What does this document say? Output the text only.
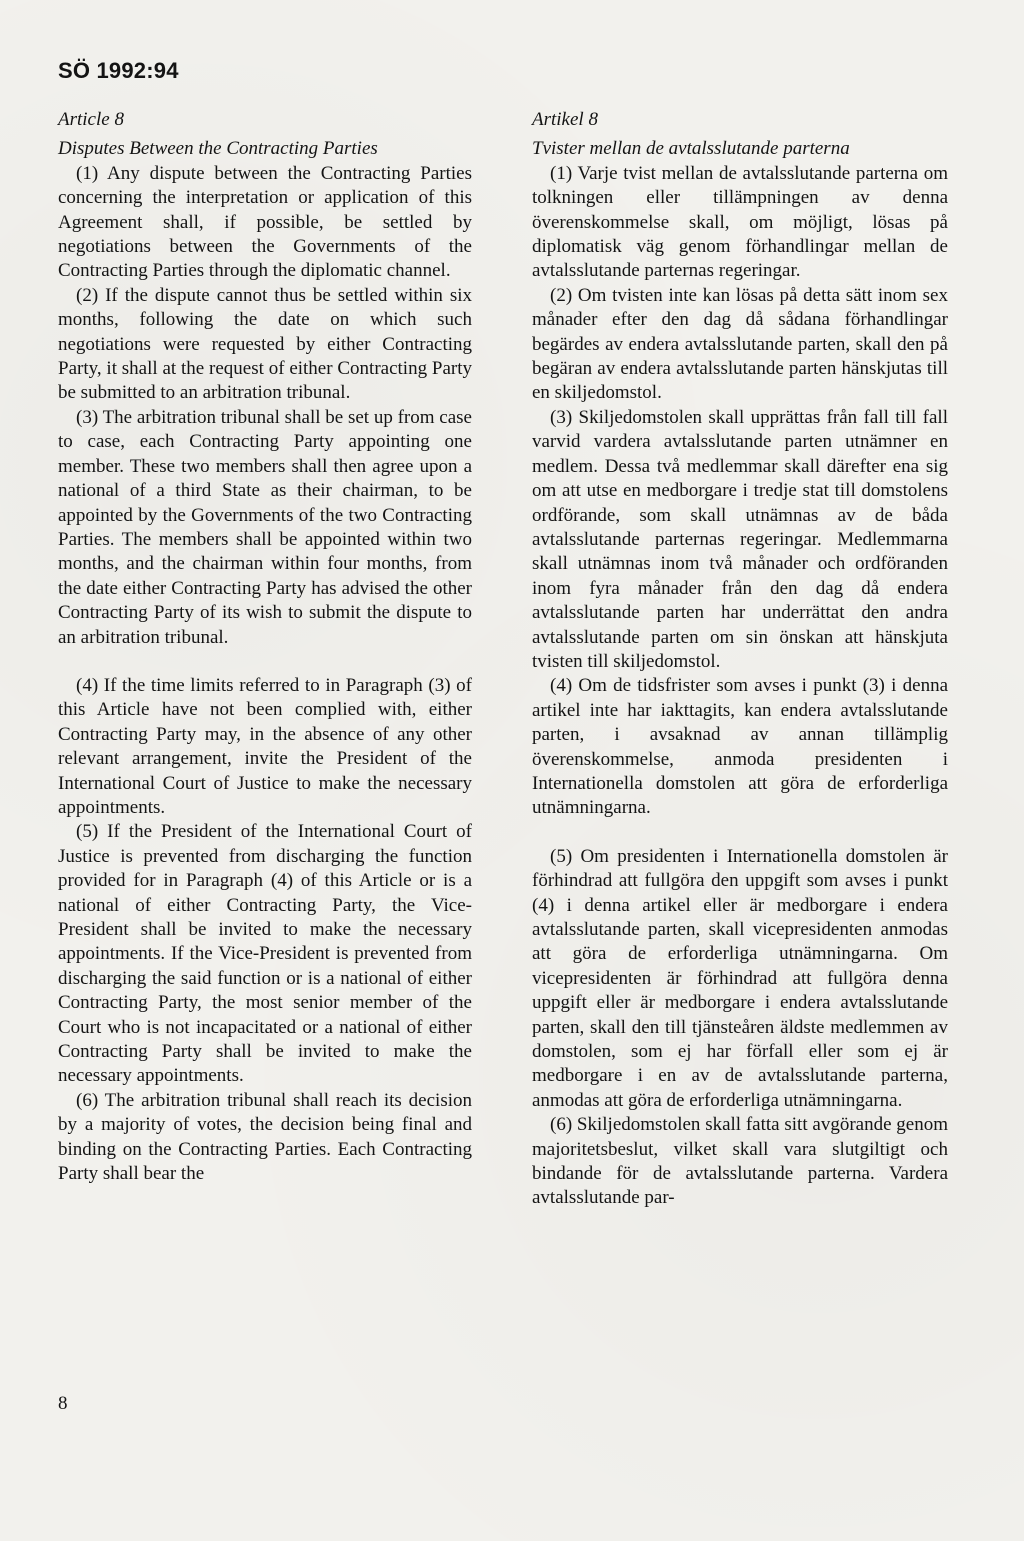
SÖ 1992:94
Article 8
Disputes Between the Contracting Parties

(1) Any dispute between the Contracting Parties concerning the interpretation or application of this Agreement shall, if possible, be settled by negotiations between the Governments of the Contracting Parties through the diplomatic channel.

(2) If the dispute cannot thus be settled within six months, following the date on which such negotiations were requested by either Contracting Party, it shall at the request of either Contracting Party be submitted to an arbitration tribunal.

(3) The arbitration tribunal shall be set up from case to case, each Contracting Party appointing one member. These two members shall then agree upon a national of a third State as their chairman, to be appointed by the Governments of the two Contracting Parties. The members shall be appointed within two months, and the chairman within four months, from the date either Contracting Party has advised the other Contracting Party of its wish to submit the dispute to an arbitration tribunal.

(4) If the time limits referred to in Paragraph (3) of this Article have not been complied with, either Contracting Party may, in the absence of any other relevant arrangement, invite the President of the International Court of Justice to make the necessary appointments.

(5) If the President of the International Court of Justice is prevented from discharging the function provided for in Paragraph (4) of this Article or is a national of either Contracting Party, the Vice-President shall be invited to make the necessary appointments. If the Vice-President is prevented from discharging the said function or is a national of either Contracting Party, the most senior member of the Court who is not incapacitated or a national of either Contracting Party shall be invited to make the necessary appointments.

(6) The arbitration tribunal shall reach its decision by a majority of votes, the decision being final and binding on the Contracting Parties. Each Contracting Party shall bear the

Artikel 8
Tvister mellan de avtalsslutande parterna

(1) Varje tvist mellan de avtalsslutande parterna om tolkningen eller tillämpningen av denna överenskommelse skall, om möjligt, lösas på diplomatisk väg genom förhandlingar mellan de avtalsslutande parternas regeringar.

(2) Om tvisten inte kan lösas på detta sätt inom sex månader efter den dag då sådana förhandlingar begärdes av endera avtalsslutande parten, skall den på begäran av endera avtalsslutande parten hänskjutas till en skiljedomstol.

(3) Skiljedomstolen skall upprättas från fall till fall varvid vardera avtalsslutande parten utnämner en medlem. Dessa två medlemmar skall därefter ena sig om att utse en medborgare i tredje stat till domstolens ordförande, som skall utnämnas av de båda avtalsslutande parternas regeringar. Medlemmarna skall utnämnas inom två månader och ordföranden inom fyra månader från den dag då endera avtalsslutande parten har underrättat den andra avtalsslutande parten om sin önskan att hänskjuta tvisten till skiljedomstol.

(4) Om de tidsfrister som avses i punkt (3) i denna artikel inte har iakttagits, kan endera avtalsslutande parten, i avsaknad av annan tillämplig överenskommelse, anmoda presidenten i Internationella domstolen att göra de erforderliga utnämningarna.

(5) Om presidenten i Internationella domstolen är förhindrad att fullgöra den uppgift som avses i punkt (4) i denna artikel eller är medborgare i endera avtalsslutande parten, skall vicepresidenten anmodas att göra de erforderliga utnämningarna. Om vicepresidenten är förhindrad att fullgöra denna uppgift eller är medborgare i endera avtalsslutande parten, skall den till tjänsteåren äldste medlemmen av domstolen, som ej har förfall eller som ej är medborgare i en av de avtalsslutande parterna, anmodas att göra de erforderliga utnämningarna.

(6) Skiljedomstolen skall fatta sitt avgörande genom majoritetsbeslut, vilket skall vara slutgiltigt och bindande för de avtalsslutande parterna. Vardera avtalsslutande par-

8
